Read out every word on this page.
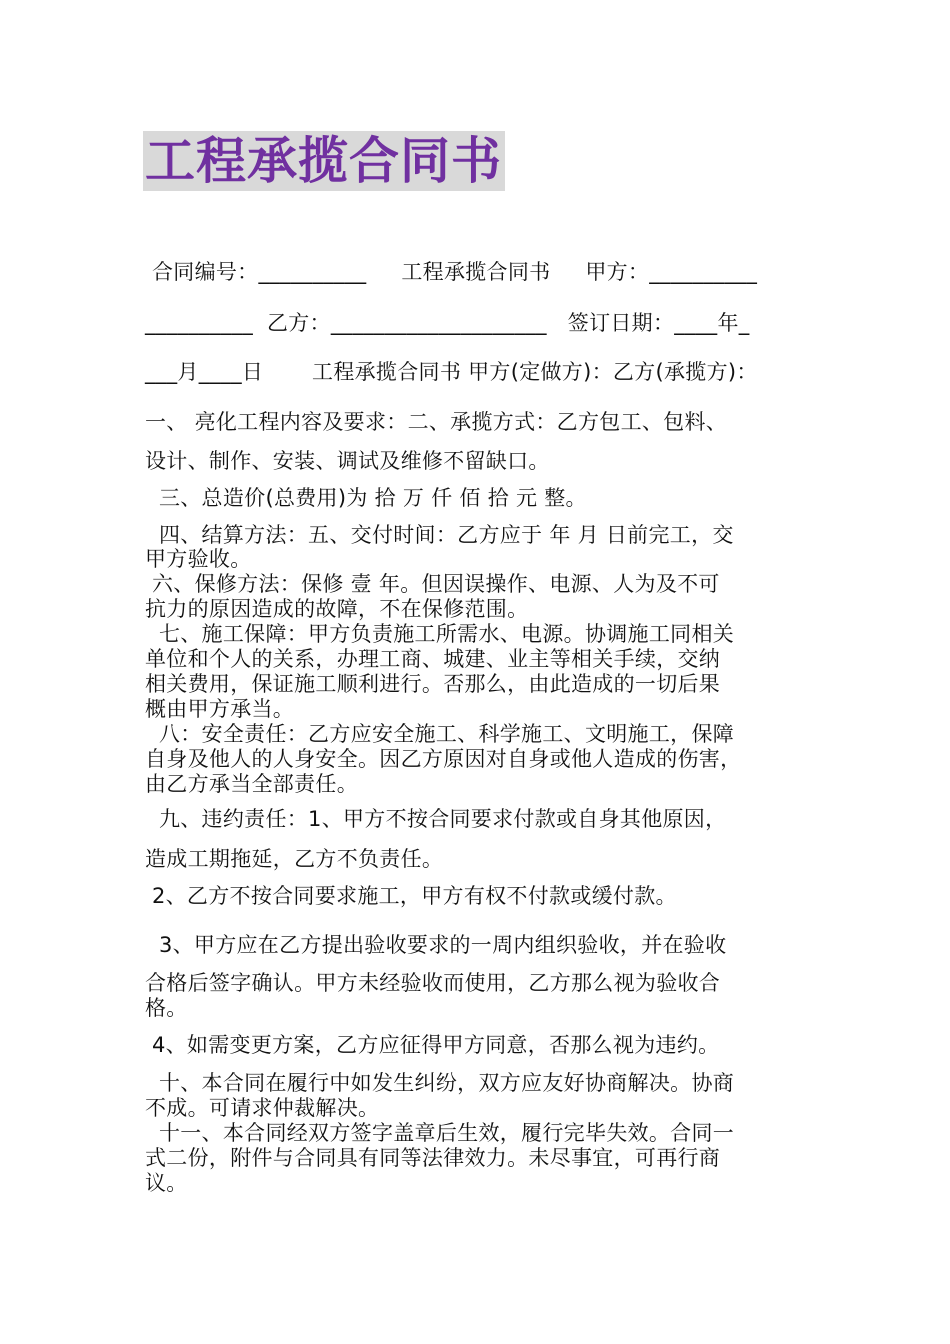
工程承揽合同书
合同编号：__________     工程承揽合同书     甲方：__________
__________  乙方：____________________   签订日期：____年_
___月____日       工程承揽合同书 甲方(定做方)：乙方(承揽方)：
一、 亮化工程内容及要求：二、承揽方式：乙方包工、包料、
设计、制作、安装、调试及维修不留缺口。
三、总造价(总费用)为 拾 万 仟 佰 拾 元 整。
四、结算方法：五、交付时间：乙方应于 年 月 日前完工，交
甲方验收。
六、保修方法：保修 壹 年。但因误操作、电源、人为及不可
抗力的原因造成的故障，不在保修范围。
七、施工保障：甲方负责施工所需水、电源。协调施工同相关
单位和个人的关系，办理工商、城建、业主等相关手续，交纳
相关费用，保证施工顺利进行。否那么，由此造成的一切后果
概由甲方承当。
八：安全责任：乙方应安全施工、科学施工、文明施工，保障
自身及他人的人身安全。因乙方原因对自身或他人造成的伤害，
由乙方承当全部责任。
九、违约责任：1、甲方不按合同要求付款或自身其他原因，
造成工期拖延，乙方不负责任。
2、乙方不按合同要求施工，甲方有权不付款或缓付款。
3、甲方应在乙方提出验收要求的一周内组织验收，并在验收
合格后签字确认。甲方未经验收而使用，乙方那么视为验收合
格。
4、如需变更方案，乙方应征得甲方同意，否那么视为违约。
十、本合同在履行中如发生纠纷，双方应友好协商解决。协商
不成。可请求仲裁解决。
十一、本合同经双方签字盖章后生效，履行完毕失效。合同一
式二份，附件与合同具有同等法律效力。未尽事宜，可再行商
议。
